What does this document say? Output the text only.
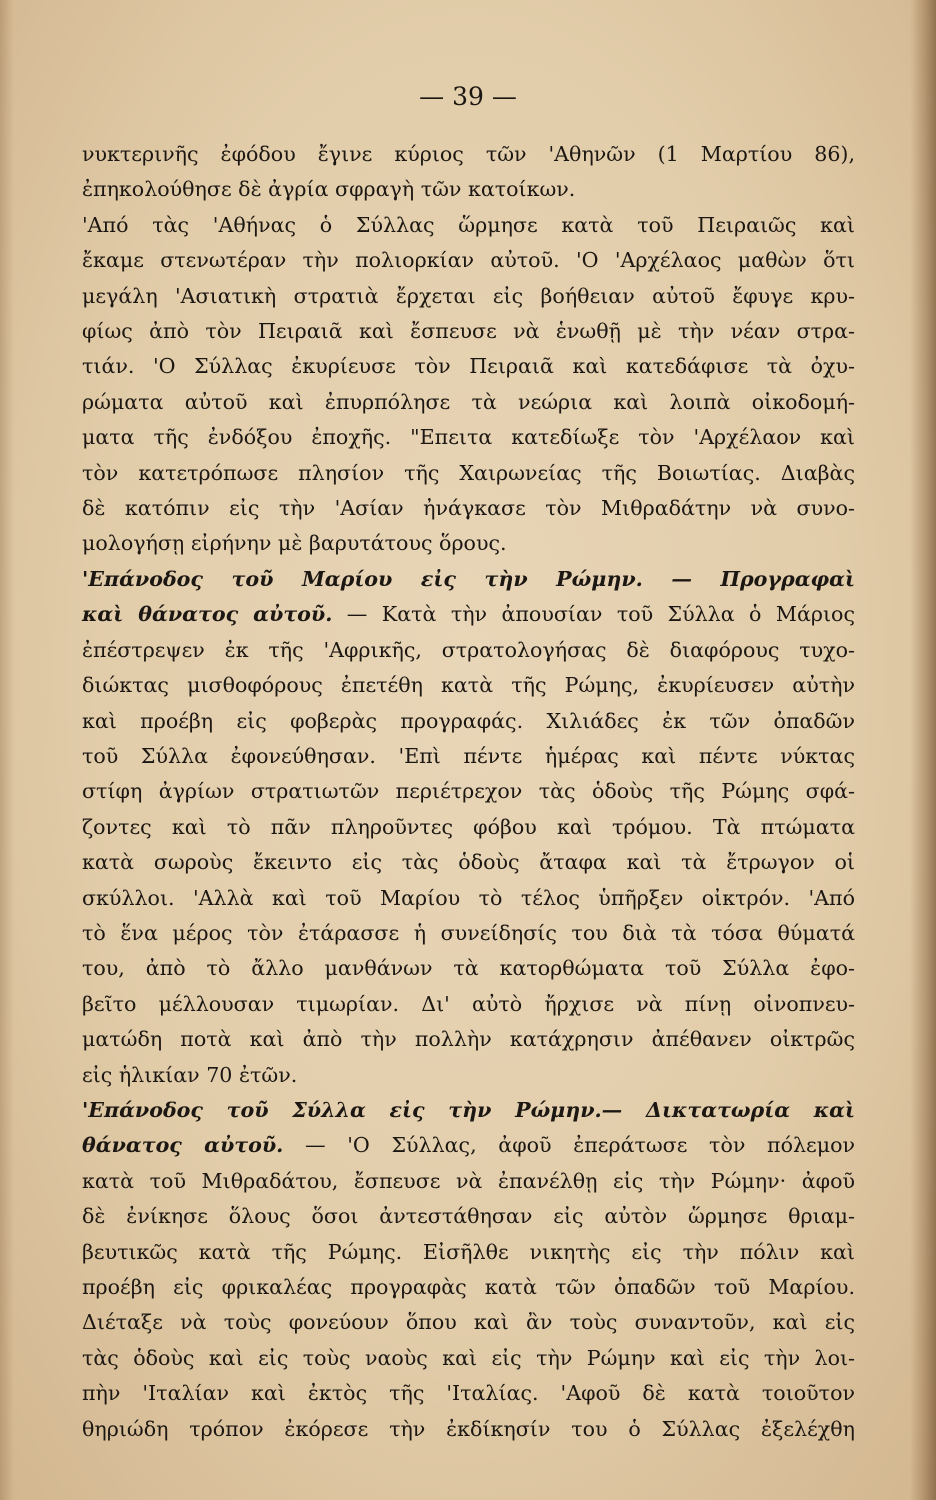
— 39 —
νυκτερινῆς ἐφόδου ἔγινε κύριος τῶν 'Αθηνῶν (1 Μαρτίου 86),
ἐπηκολούθησε δὲ ἀγρία σφραγὴ τῶν κατοίκων.
'Από τὰς 'Αθήνας ὁ Σύλλας ὥρμησε κατὰ τοῦ Πειραιῶς καὶ
ἔκαμε στενωτέραν τὴν πολιορκίαν αὐτοῦ. 'Ο 'Αρχέλαος μαθὼν ὅτι
μεγάλη 'Ασιατικὴ στρατιὰ ἔρχεται εἰς βοήθειαν αὐτοῦ ἔφυγε κρυ-
φίως ἀπὸ τὸν Πειραιᾶ καὶ ἔσπευσε νὰ ἑνωθῇ μὲ τὴν νέαν στρα-
τιάν. 'Ο Σύλλας ἐκυρίευσε τὸν Πειραιᾶ καὶ κατεδάφισε τὰ ὀχυ-
ρώματα αὐτοῦ καὶ ἐπυρπόλησε τὰ νεώρια καὶ λοιπὰ οἰκοδομή-
ματα τῆς ἐνδόξου ἐποχῆς. "Επειτα κατεδίωξε τὸν 'Αρχέλαον καὶ
τὸν κατετρόπωσε πλησίον τῆς Χαιρωνείας τῆς Βοιωτίας. Διαβὰς
δὲ κατόπιν εἰς τὴν 'Ασίαν ἠνάγκασε τὸν Μιθραδάτην νὰ συνο-
μολογήσῃ εἰρήνην μὲ βαρυτάτους ὅρους.
'Επάνοδος τοῦ Μαρίου εἰς τὴν Ρώμην. — Προγραφαὶ
καὶ θάνατος αὐτοῦ. — Κατὰ τὴν ἀπουσίαν τοῦ Σύλλα ὁ Μάριος
ἐπέστρεψεν ἐκ τῆς 'Αφρικῆς, στρατολογήσας δὲ διαφόρους τυχο-
διώκτας μισθοφόρους ἐπετέθη κατὰ τῆς Ρώμης, ἐκυρίευσεν αὐτὴν
καὶ προέβη εἰς φοβερὰς προγραφάς. Χιλιάδες ἐκ τῶν ὀπαδῶν
τοῦ Σύλλα ἐφονεύθησαν. 'Επὶ πέντε ἡμέρας καὶ πέντε νύκτας
στίφη ἀγρίων στρατιωτῶν περιέτρεχον τὰς ὁδοὺς τῆς Ρώμης σφά-
ζοντες καὶ τὸ πᾶν πληροῦντες φόβου καὶ τρόμου. Τὰ πτώματα
κατὰ σωροὺς ἔκειντο εἰς τὰς ὁδοὺς ἄταφα καὶ τὰ ἔτρωγον οἱ
σκύλλοι. 'Αλλὰ καὶ τοῦ Μαρίου τὸ τέλος ὑπῆρξεν οἰκτρόν. 'Από
τὸ ἕνα μέρος τὸν ἐτάρασσε ἡ συνείδησίς του διὰ τὰ τόσα θύματά
του, ἀπὸ τὸ ἄλλο μανθάνων τὰ κατορθώματα τοῦ Σύλλα ἐφο-
βεῖτο μέλλουσαν τιμωρίαν. Δι' αὐτὸ ἤρχισε νὰ πίνῃ οἰνοπνευ-
ματώδη ποτὰ καὶ ἀπὸ τὴν πολλὴν κατάχρησιν ἀπέθανεν οἰκτρῶς
εἰς ἡλικίαν 70 ἐτῶν.
'Επάνοδος τοῦ Σύλλα εἰς τὴν Ρώμην.— Δικτατωρία καὶ
θάνατος αὐτοῦ. — 'Ο Σύλλας, ἀφοῦ ἐπεράτωσε τὸν πόλεμον
κατὰ τοῦ Μιθραδάτου, ἔσπευσε νὰ ἐπανέλθῃ εἰς τὴν Ρώμην· ἀφοῦ
δὲ ἐνίκησε ὅλους ὅσοι ἀντεστάθησαν εἰς αὐτὸν ὥρμησε θριαμ-
βευτικῶς κατὰ τῆς Ρώμης. Εἰσῆλθε νικητὴς εἰς τὴν πόλιν καὶ
προέβη εἰς φρικαλέας προγραφὰς κατὰ τῶν ὀπαδῶν τοῦ Μαρίου.
Διέταξε νὰ τοὺς φονεύουν ὅπου καὶ ἂν τοὺς συναντοῦν, καὶ εἰς
τὰς ὁδοὺς καὶ εἰς τοὺς ναοὺς καὶ εἰς τὴν Ρώμην καὶ εἰς τὴν λοι-
πὴν 'Ιταλίαν καὶ ἐκτὸς τῆς 'Ιταλίας. 'Αφοῦ δὲ κατὰ τοιοῦτον
θηριώδη τρόπον ἐκόρεσε τὴν ἐκδίκησίν του ὁ Σύλλας ἐξελέχθη
